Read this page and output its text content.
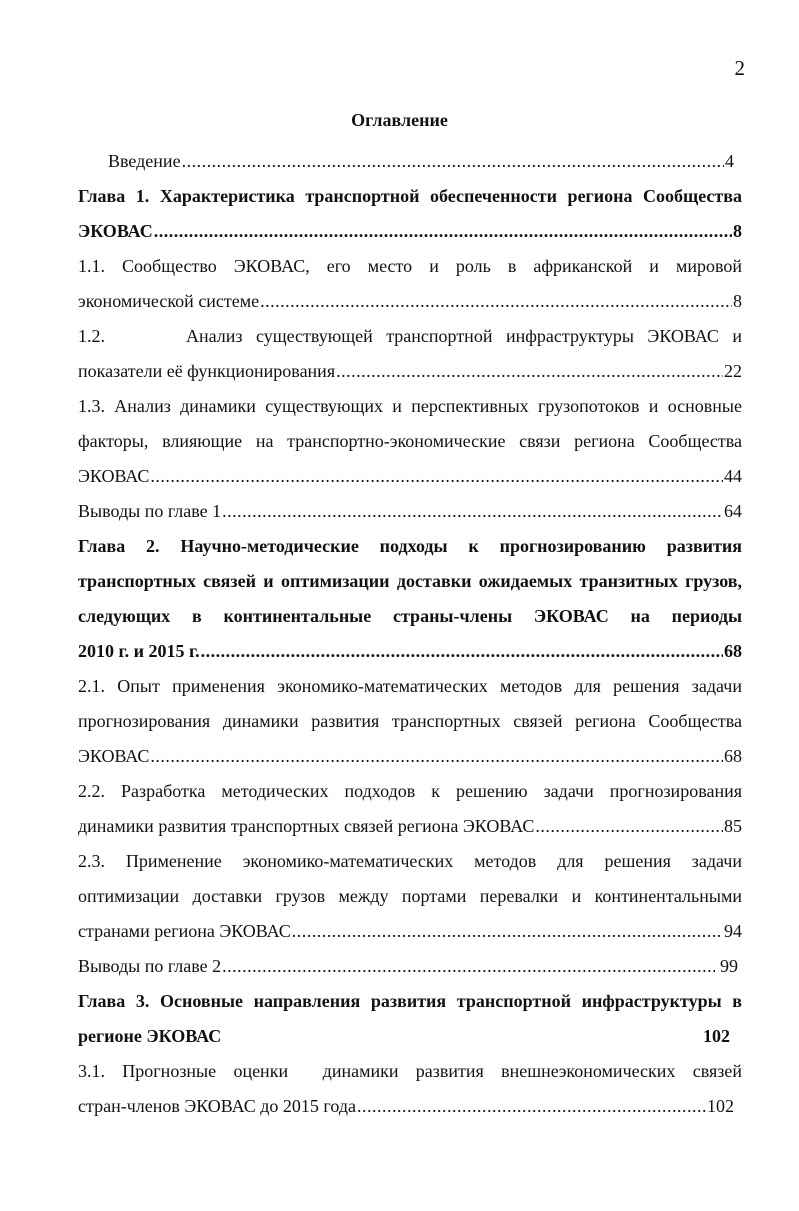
2
Оглавление
Введение .....	4
Глава 1. Характеристика транспортной обеспеченности региона Сообщества
ЭКОВАС .....	8
1.1. Сообщество ЭКОВАС, его место и роль в африканской и мировой
экономической системе .....	8
1.2.      Анализ существующей транспортной инфраструктуры ЭКОВАС и
показатели её функционирования .....	22
1.3. Анализ динамики существующих и перспективных грузопотоков и основные факторы, влияющие на транспортно-экономические связи региона Сообщества
ЭКОВАС .....	44
Выводы по главе 1 .....	64
Глава 2. Научно-методические подходы к прогнозированию развития транспортных связей и оптимизации доставки ожидаемых транзитных грузов, следующих в континентальные страны-члены ЭКОВАС на периоды
2010 г. и 2015 г. .....	68
2.1. Опыт применения экономико-математических методов для решения задачи прогнозирования динамики развития транспортных связей региона Сообщества
ЭКОВАС .....	68
2.2. Разработка методических подходов к решению задачи прогнозирования
динамики развития транспортных связей региона ЭКОВАС .....	85
2.3. Применение экономико-математических методов для решения задачи оптимизации доставки грузов между портами перевалки и континентальными
странами региона ЭКОВАС .....	94
Выводы по главе 2 .....	99
Глава 3. Основные направления развития транспортной инфраструктуры в
регионе ЭКОВАС	102
3.1. Прогнозные оценки  динамики развития внешнеэкономических связей
стран-членов ЭКОВАС до 2015 года .....	102
